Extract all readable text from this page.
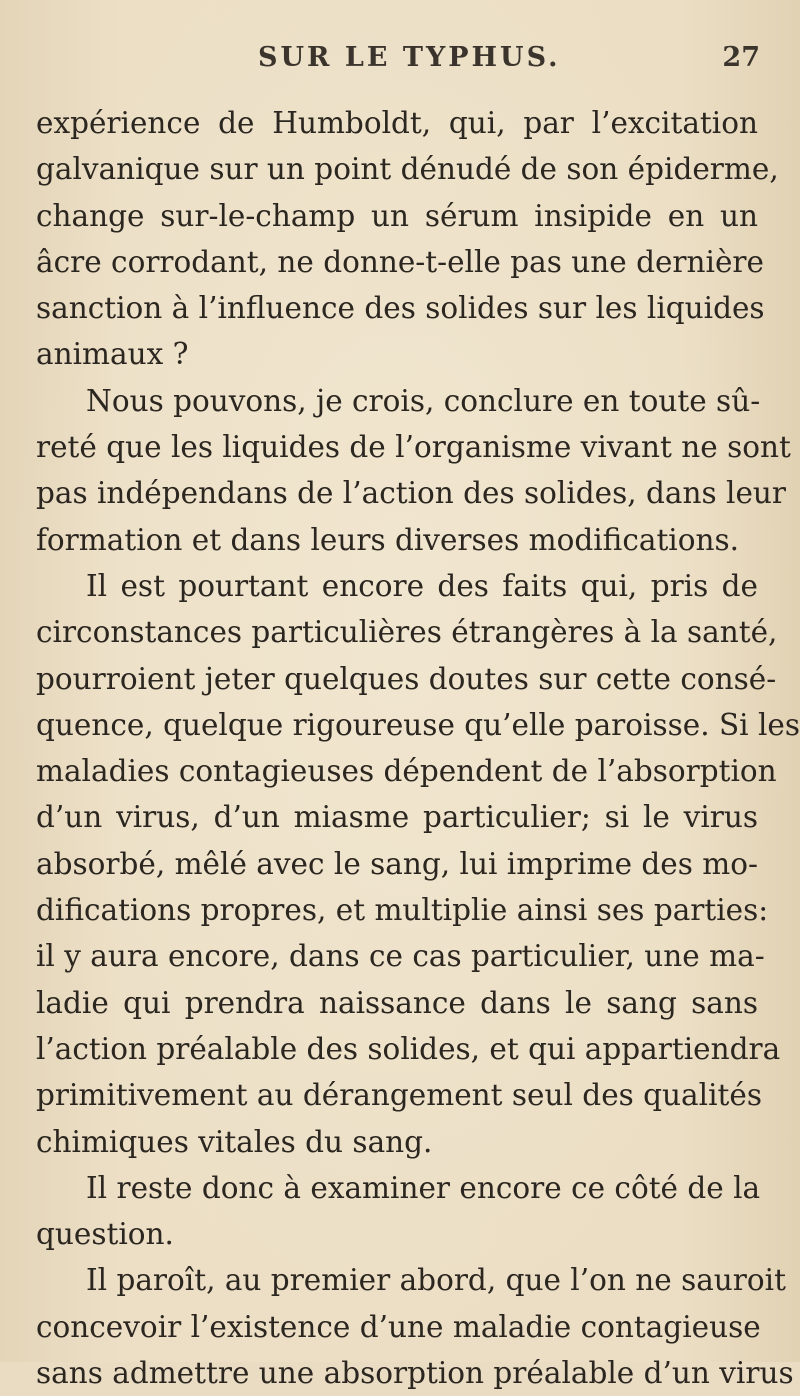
SUR LE TYPHUS.	27
expérience de Humboldt, qui, par l’excitation
galvanique sur un point dénudé de son épiderme,
change sur-le-champ un sérum insipide en un
âcre corrodant, ne donne-t-elle pas une dernière
sanction à l’influence des solides sur les liquides
animaux ?
Nous pouvons, je crois, conclure en toute sû-
reté que les liquides de l’organisme vivant ne sont
pas indépendans de l’action des solides, dans leur
formation et dans leurs diverses modifications.
Il est pourtant encore des faits qui, pris de
circonstances particulières étrangères à la santé,
pourroient jeter quelques doutes sur cette consé-
quence, quelque rigoureuse qu’elle paroisse. Si les
maladies contagieuses dépendent de l’absorption
d’un virus, d’un miasme particulier; si le virus
absorbé, mêlé avec le sang, lui imprime des mo-
difications propres, et multiplie ainsi ses parties:
il y aura encore, dans ce cas particulier, une ma-
ladie qui prendra naissance dans le sang sans
l’action préalable des solides, et qui appartiendra
primitivement au dérangement seul des qualités
chimiques vitales du sang.
Il reste donc à examiner encore ce côté de la
question.
Il paroît, au premier abord, que l’on ne sauroit
concevoir l’existence d’une maladie contagieuse
sans admettre une absorption préalable d’un virus
